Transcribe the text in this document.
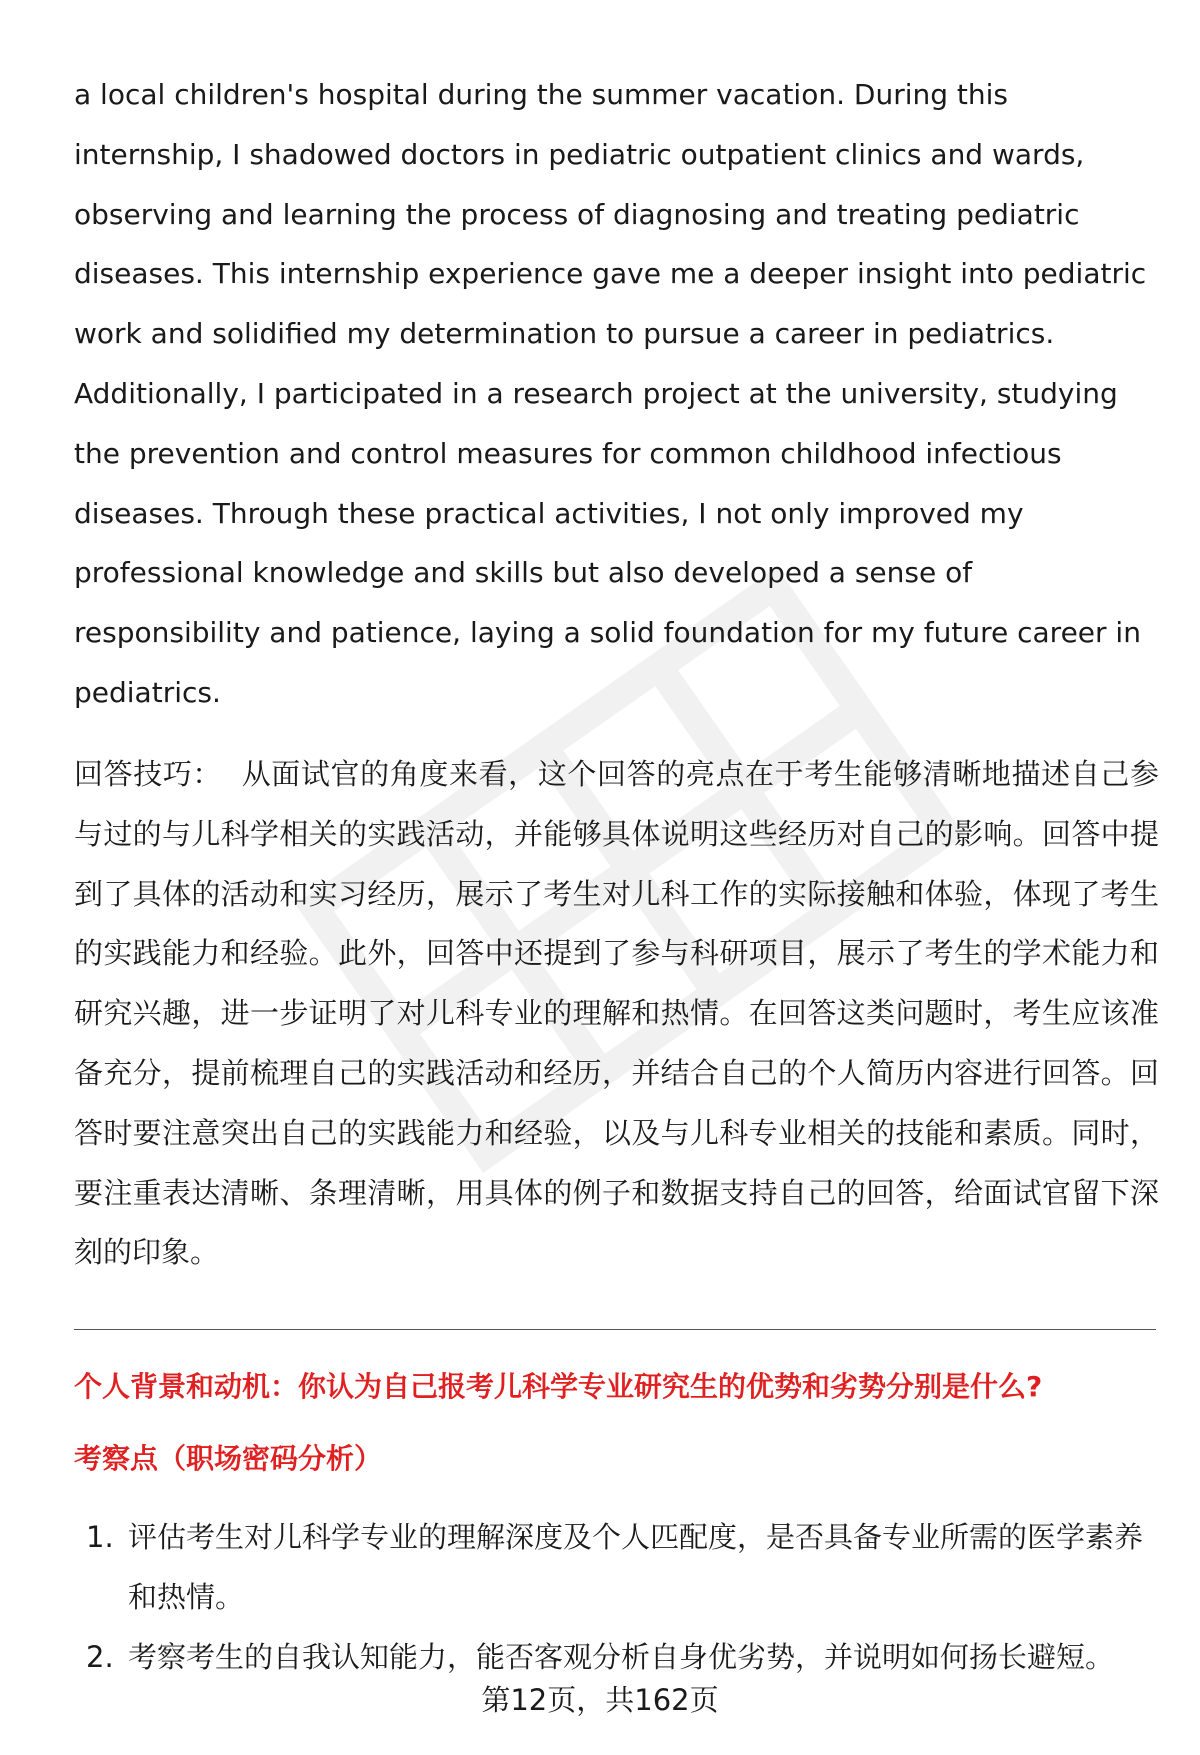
a local children's hospital during the summer vacation. During this internship, I shadowed doctors in pediatric outpatient clinics and wards, observing and learning the process of diagnosing and treating pediatric diseases. This internship experience gave me a deeper insight into pediatric work and solidified my determination to pursue a career in pediatrics. Additionally, I participated in a research project at the university, studying the prevention and control measures for common childhood infectious diseases. Through these practical activities, I not only improved my professional knowledge and skills but also developed a sense of responsibility and patience, laying a solid foundation for my future career in pediatrics.

回答技巧： 从面试官的角度来看，这个回答的亮点在于考生能够清晰地描述自己参与过的与儿科学相关的实践活动，并能够具体说明这些经历对自己的影响。回答中提到了具体的活动和实习经历，展示了考生对儿科工作的实际接触和体验，体现了考生的实践能力和经验。此外，回答中还提到了参与科研项目，展示了考生的学术能力和研究兴趣，进一步证明了对儿科专业的理解和热情。在回答这类问题时，考生应该准备充分，提前梳理自己的实践活动和经历，并结合自己的个人简历内容进行回答。回答时要注意突出自己的实践能力和经验，以及与儿科专业相关的技能和素质。同时，要注重表达清晰、条理清晰，用具体的例子和数据支持自己的回答，给面试官留下深刻的印象。

个人背景和动机：你认为自己报考儿科学专业研究生的优势和劣势分别是什么?
考察点（职场密码分析）
1. 评估考生对儿科学专业的理解深度及个人匹配度，是否具备专业所需的医学素养和热情。
2. 考察考生的自我认知能力，能否客观分析自身优劣势，并说明如何扬长避短。
第12页，共162页
